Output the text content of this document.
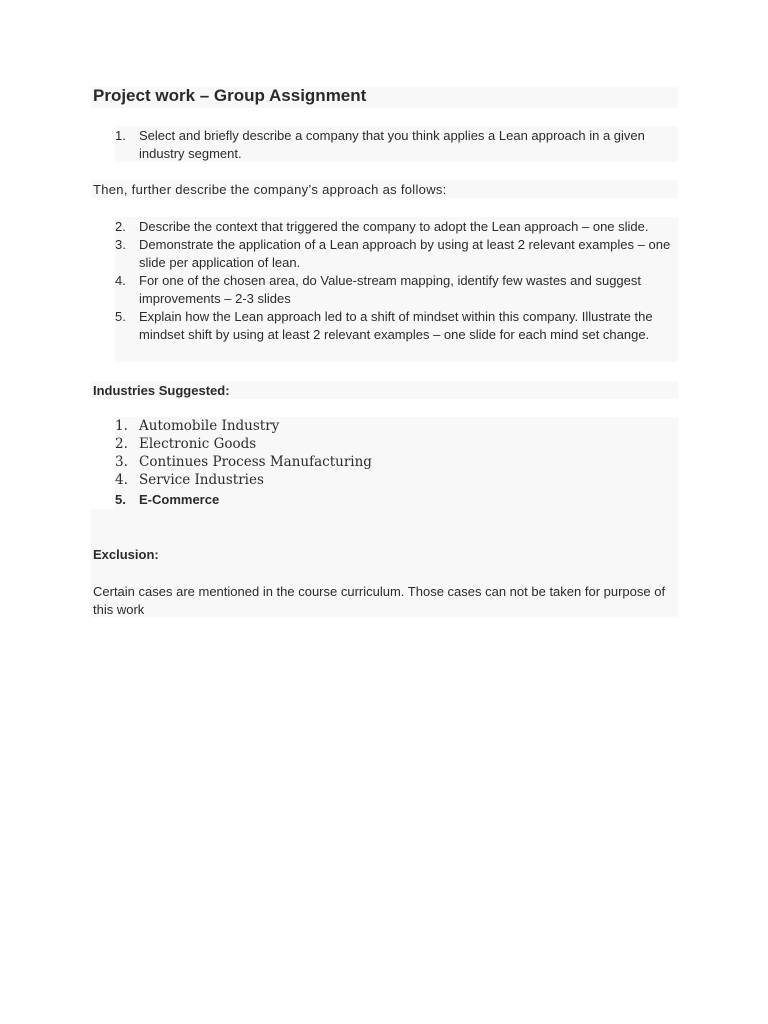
Project work – Group Assignment
1. Select and briefly describe a company that you think applies a Lean approach in a given industry segment.
Then, further describe the company’s approach as follows:
2. Describe the context that triggered the company to adopt the Lean approach – one slide.
3. Demonstrate the application of a Lean approach by using at least 2 relevant examples – one slide per application of lean.
4. For one of the chosen area, do Value-stream mapping, identify few wastes and suggest improvements – 2-3 slides
5. Explain how the Lean approach led to a shift of mindset within this company. Illustrate the mindset shift by using at least 2 relevant examples – one slide for each mind set change.
Industries Suggested:
1. Automobile Industry
2. Electronic Goods
3. Continues Process Manufacturing
4. Service Industries
5. E-Commerce
Exclusion:
Certain cases are mentioned in the course curriculum. Those cases can not be taken for purpose of this work
